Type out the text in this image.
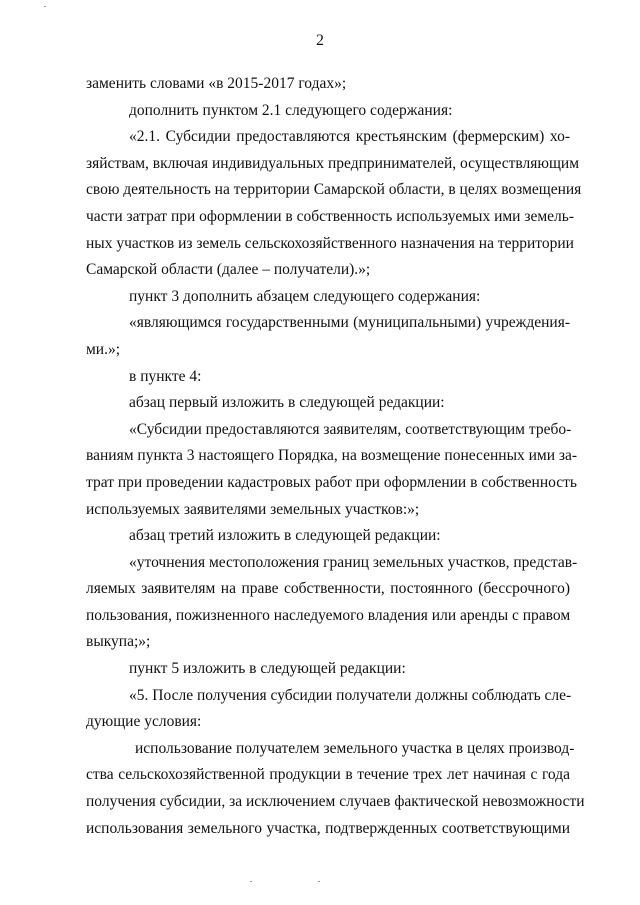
2
заменить словами «в 2015-2017 годах»;
дополнить пунктом 2.1 следующего содержания:
«2.1. Субсидии предоставляются крестьянским (фермерским) хо-
зяйствам, включая индивидуальных предпринимателей, осуществляющим
свою деятельность на территории Самарской области, в целях возмещения
части затрат при оформлении в собственность используемых ими земель-
ных участков из земель сельскохозяйственного назначения на территории
Самарской области (далее – получатели).»;
пункт 3 дополнить абзацем следующего содержания:
«являющимся государственными (муниципальными) учреждения-
ми.»;
в пункте 4:
абзац первый изложить в следующей редакции:
«Субсидии предоставляются заявителям, соответствующим требо-
ваниям пункта 3 настоящего Порядка, на возмещение понесенных ими за-
трат при проведении кадастровых работ при оформлении в собственность
используемых заявителями земельных участков:»;
абзац третий изложить в следующей редакции:
«уточнения местоположения границ земельных участков, представ-
ляемых заявителям на праве собственности, постоянного (бессрочного)
пользования, пожизненного наследуемого владения или аренды с правом
выкупа;»;
пункт 5 изложить в следующей редакции:
«5. После получения субсидии получатели должны соблюдать сле-
дующие условия:
использование получателем земельного участка в целях производ-
ства сельскохозяйственной продукции в течение трех лет начиная с года
получения субсидии, за исключением случаев фактической невозможности
использования земельного участка, подтвержденных соответствующими
